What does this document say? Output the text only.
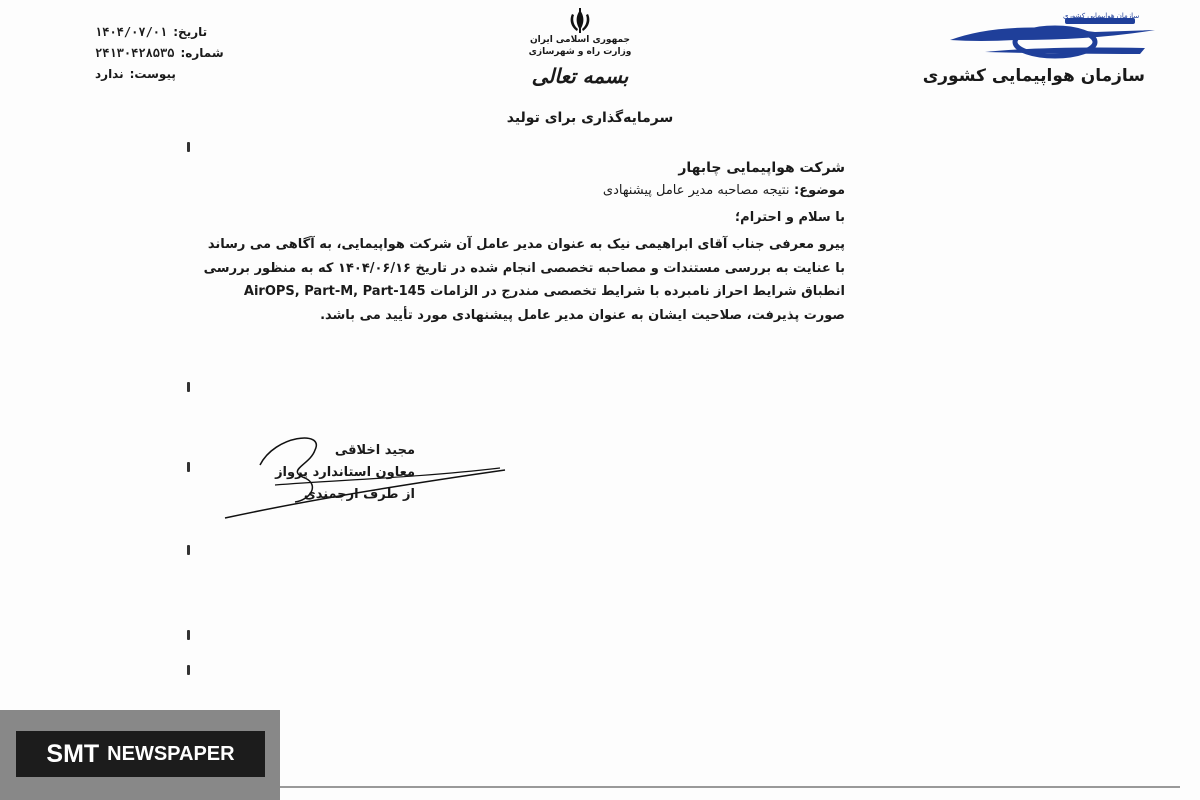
تاریخ:
۱۴۰۴/۰۷/۰۱
شماره:
۲۴۱۳۰۴۲۸۵۳۵
پیوست:
ندارد
جمهوری اسلامی ایران
وزارت راه و شهرسازی
بسمه تعالی
سرمایه‌گذاری برای تولید
سازمان هواپیمایی کشوری
سازمان هواپیمایی کشوری
شرکت هواپیمایی چابهار
موضوع: نتیجه مصاحبه مدیر عامل پیشنهادی
با سلام و احترام؛
پیرو معرفی جناب آقای ابراهیمی نیک به عنوان مدیر عامل آن شرکت هواپیمایی، به آگاهی می رساند
با عنایت به بررسی مستندات و مصاحبه تخصصی انجام شده در تاریخ ۱۴۰۴/۰۶/۱۶ که به منظور بررسی
انطباق شرایط احراز نامبرده با شرایط تخصصی مندرج در الزامات AirOPS, Part-M, Part-145
صورت پذیرفت، صلاحیت ایشان به عنوان مدیر عامل پیشنهادی مورد تأیید می باشد.
مجید اخلاقی
معاون استاندارد پرواز
از طرف ارجمندی
SMT NEWSPAPER
